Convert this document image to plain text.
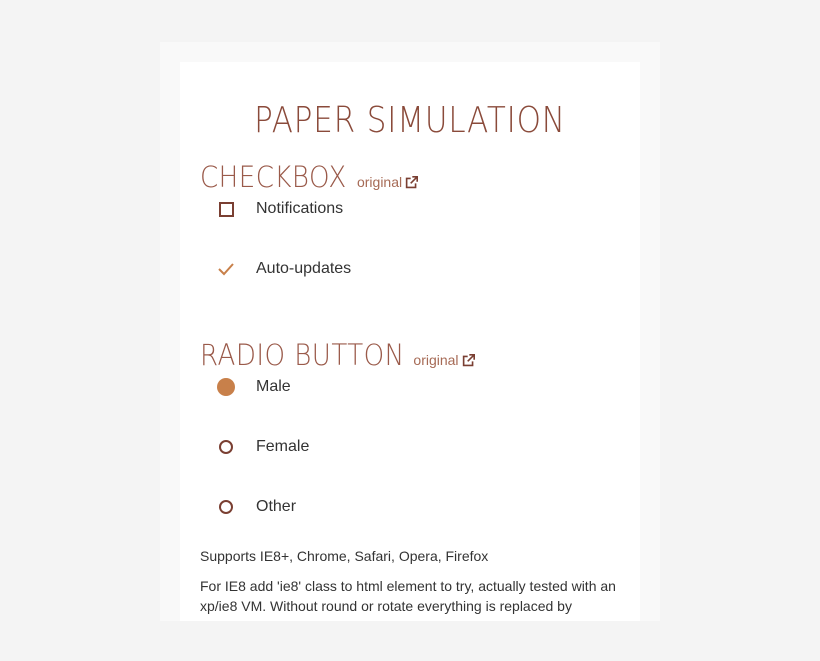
PAPER SIMULATION
CHECKBOX original
Notifications
Auto-updates
RADIO BUTTON original
Male
Female
Other

Supports IE8+, Chrome, Safari, Opera, Firefox

For IE8 add 'ie8' class to html element to try, actually tested with an xp/ie8 VM. Without round or rotate everything is replaced by
